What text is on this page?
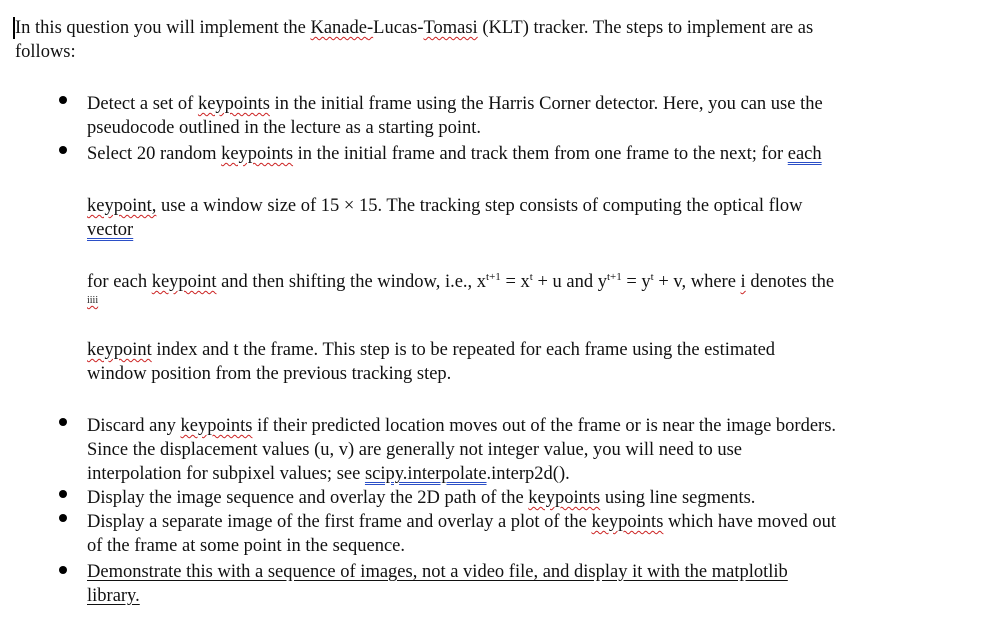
In this question you will implement the Kanade-Lucas-Tomasi (KLT) tracker. The steps to implement are as
follows:
Detect a set of keypoints in the initial frame using the Harris Corner detector. Here, you can use the
pseudocode outlined in the lecture as a starting point.
Select 20 random keypoints in the initial frame and track them from one frame to the next; for each
keypoint, use a window size of 15 × 15. The tracking step consists of computing the optical flow
vector
for each keypoint and then shifting the window, i.e., $x^{t+1} = x^t + u$ and $y^{t+1} = y^t + v$, where i denotes the
iiii
keypoint index and t the frame. This step is to be repeated for each frame using the estimated
window position from the previous tracking step.
Discard any keypoints if their predicted location moves out of the frame or is near the image borders.
Since the displacement values (u, v) are generally not integer value, you will need to use
interpolation for subpixel values; see scipy.interpolate.interp2d().
Display the image sequence and overlay the 2D path of the keypoints using line segments.
Display a separate image of the first frame and overlay a plot of the keypoints which have moved out
of the frame at some point in the sequence.
Demonstrate this with a sequence of images, not a video file, and display it with the matplotlib
library.
